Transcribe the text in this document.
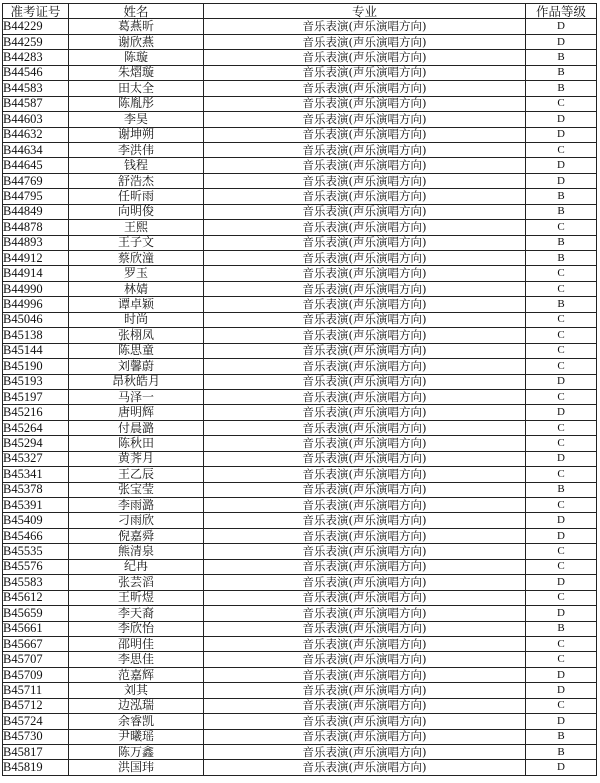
准考证号	姓名	专业	作品等级
B44229	葛燕昕	音乐表演(声乐演唱方向)	D
B44259	谢欣燕	音乐表演(声乐演唱方向)	D
B44283	陈璇	音乐表演(声乐演唱方向)	B
B44546	朱熠璇	音乐表演(声乐演唱方向)	B
B44583	田太全	音乐表演(声乐演唱方向)	B
B44587	陈胤彤	音乐表演(声乐演唱方向)	C
B44603	李昊	音乐表演(声乐演唱方向)	D
B44632	谢坤朔	音乐表演(声乐演唱方向)	D
B44634	李洪伟	音乐表演(声乐演唱方向)	C
B44645	钱程	音乐表演(声乐演唱方向)	D
B44769	舒浩杰	音乐表演(声乐演唱方向)	D
B44795	任昕雨	音乐表演(声乐演唱方向)	B
B44849	向明俊	音乐表演(声乐演唱方向)	B
B44878	王熙	音乐表演(声乐演唱方向)	C
B44893	王子文	音乐表演(声乐演唱方向)	B
B44912	蔡欣潼	音乐表演(声乐演唱方向)	B
B44914	罗玉	音乐表演(声乐演唱方向)	C
B44990	林婧	音乐表演(声乐演唱方向)	C
B44996	谭卓颖	音乐表演(声乐演唱方向)	B
B45046	时尚	音乐表演(声乐演唱方向)	C
B45138	张栩凤	音乐表演(声乐演唱方向)	C
B45144	陈思童	音乐表演(声乐演唱方向)	C
B45190	刘馨蔚	音乐表演(声乐演唱方向)	C
B45193	昂秋皓月	音乐表演(声乐演唱方向)	D
B45197	马泽一	音乐表演(声乐演唱方向)	C
B45216	唐明辉	音乐表演(声乐演唱方向)	D
B45264	付晨潞	音乐表演(声乐演唱方向)	C
B45294	陈秋田	音乐表演(声乐演唱方向)	C
B45327	黄荠月	音乐表演(声乐演唱方向)	D
B45341	王乙辰	音乐表演(声乐演唱方向)	C
B45378	张宝莹	音乐表演(声乐演唱方向)	B
B45391	李雨潞	音乐表演(声乐演唱方向)	C
B45409	刁雨欣	音乐表演(声乐演唱方向)	D
B45466	倪嘉舜	音乐表演(声乐演唱方向)	D
B45535	熊清泉	音乐表演(声乐演唱方向)	C
B45576	纪冉	音乐表演(声乐演唱方向)	C
B45583	张芸滔	音乐表演(声乐演唱方向)	D
B45612	王昕煜	音乐表演(声乐演唱方向)	C
B45659	李天裔	音乐表演(声乐演唱方向)	D
B45661	李欣怡	音乐表演(声乐演唱方向)	B
B45667	邵明佳	音乐表演(声乐演唱方向)	C
B45707	李思佳	音乐表演(声乐演唱方向)	C
B45709	范嘉辉	音乐表演(声乐演唱方向)	D
B45711	刘其	音乐表演(声乐演唱方向)	D
B45712	边泓瑞	音乐表演(声乐演唱方向)	C
B45724	余睿凯	音乐表演(声乐演唱方向)	D
B45730	尹曦瑶	音乐表演(声乐演唱方向)	B
B45817	陈万鑫	音乐表演(声乐演唱方向)	B
B45819	洪国玮	音乐表演(声乐演唱方向)	D
